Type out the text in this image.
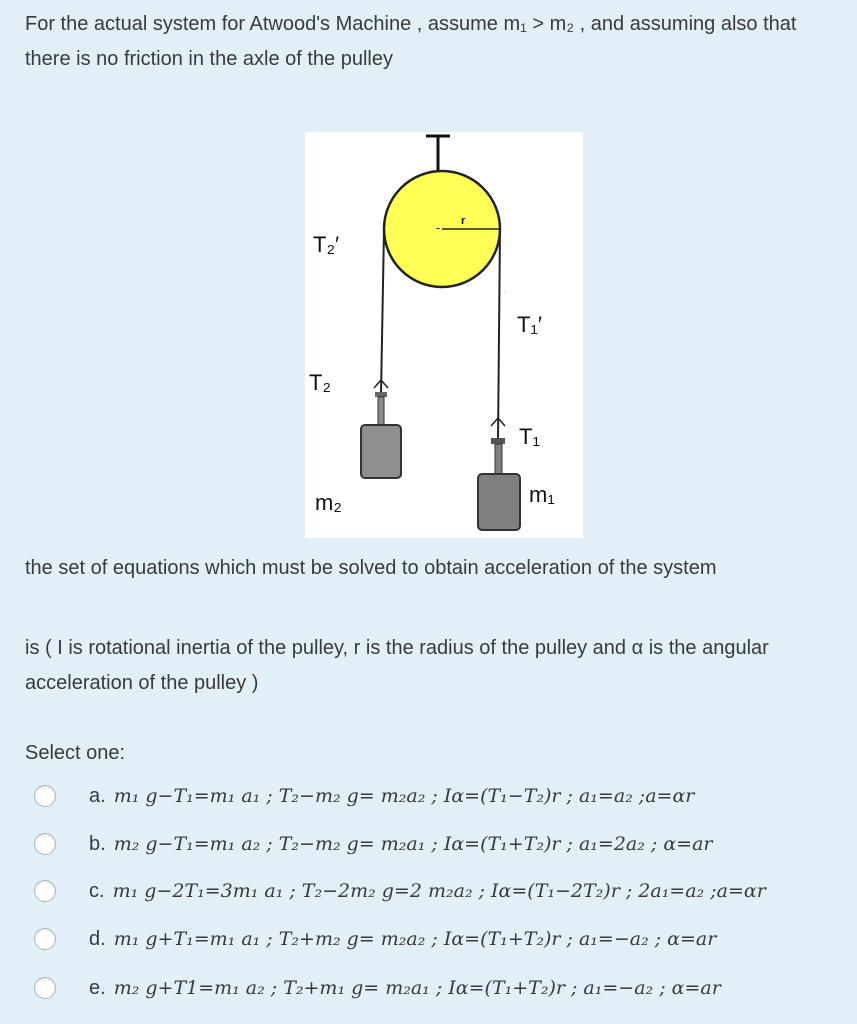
For the actual system for Atwood's Machine , assume m₁ > m₂ , and assuming also that there is no friction in the axle of the pulley

r
T₂′
T₁′
T₂
T₁
m₂	m₁

the set of equations which must be solved to obtain acceleration of the system

is ( I is rotational inertia of the pulley, r is the radius of the pulley and α is the angular acceleration of the pulley )

Select one:

a. m₁ g−T₁=m₁ a₁ ; T₂−m₂ g= m₂a₂ ; Iα=(T₁−T₂)r ; a₁=a₂ ;a=αr
b. m₂ g−T₁=m₁ a₂ ; T₂−m₂ g= m₂a₁ ; Iα=(T₁+T₂)r ; a₁=2a₂ ; α=ar
c. m₁ g−2T₁=3m₁ a₁ ; T₂−2m₂ g=2 m₂a₂ ; Iα=(T₁−2T₂)r ; 2a₁=a₂ ;a=αr
d. m₁ g+T₁=m₁ a₁ ; T₂+m₂ g= m₂a₂ ; Iα=(T₁+T₂)r ; a₁=−a₂ ; α=ar
e. m₂ g+T1=m₁ a₂ ; T₂+m₁ g= m₂a₁ ; Iα=(T₁+T₂)r ; a₁=−a₂ ; α=ar
